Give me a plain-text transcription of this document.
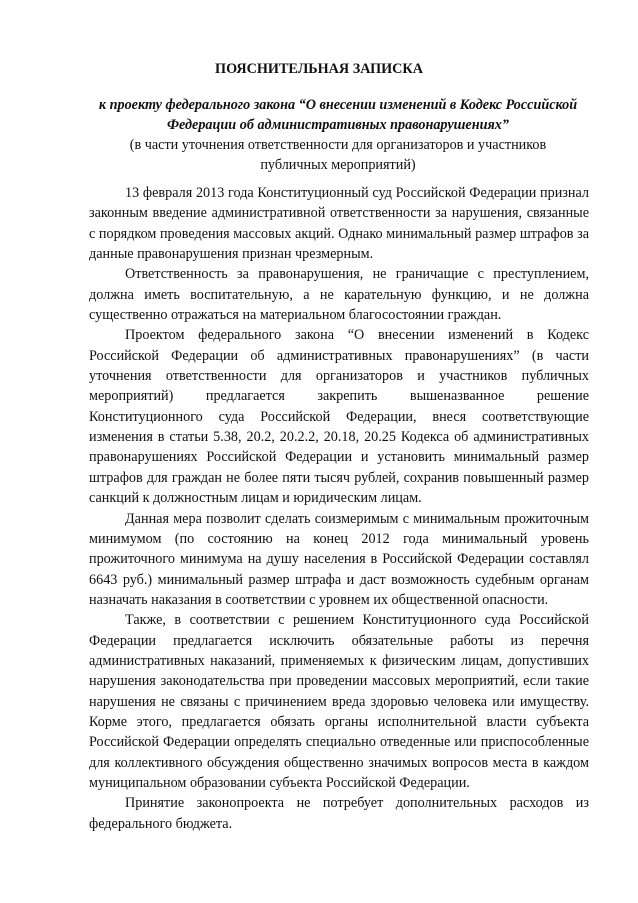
ПОЯСНИТЕЛЬНАЯ ЗАПИСКА

к проекту федерального закона “О внесении изменений в Кодекс Российской Федерации об административных правонарушениях”

(в части уточнения ответственности для организаторов и участников публичных мероприятий)

13 февраля 2013 года Конституционный суд Российской Федерации признал законным введение административной ответственности за нарушения, связанные с порядком проведения массовых акций. Однако минимальный размер штрафов за данные правонарушения признан чрезмерным.

Ответственность за правонарушения, не граничащие с преступлением, должна иметь воспитательную, а не карательную функцию, и не должна существенно отражаться на материальном благосостоянии граждан.

Проектом федерального закона “О внесении изменений в Кодекс Российской Федерации об административных правонарушениях” (в части уточнения ответственности для организаторов и участников публичных мероприятий) предлагается закрепить вышеназванное решение Конституционного суда Российской Федерации, внеся соответствующие изменения в статьи 5.38, 20.2, 20.2.2, 20.18, 20.25 Кодекса об административных правонарушениях Российской Федерации и установить минимальный размер штрафов для граждан не более пяти тысяч рублей, сохранив повышенный размер санкций к должностным лицам и юридическим лицам.

Данная мера позволит сделать соизмеримым с минимальным прожиточным минимумом (по состоянию на конец 2012 года минимальный уровень прожиточного минимума на душу населения в Российской Федерации составлял 6643 руб.) минимальный размер штрафа и даст возможность судебным органам назначать наказания в соответствии с уровнем их общественной опасности.

Также, в соответствии с решением Конституционного суда Российской Федерации предлагается исключить обязательные работы из перечня административных наказаний, применяемых к физическим лицам, допустивших нарушения законодательства при проведении массовых мероприятий, если такие нарушения не связаны с причинением вреда здоровью человека или имуществу. Корме этого, предлагается обязать органы исполнительной власти субъекта Российской Федерации определять специально отведенные или приспособленные для коллективного обсуждения общественно значимых вопросов места в каждом муниципальном образовании субъекта Российской Федерации.

Принятие законопроекта не потребует дополнительных расходов из федерального бюджета.
